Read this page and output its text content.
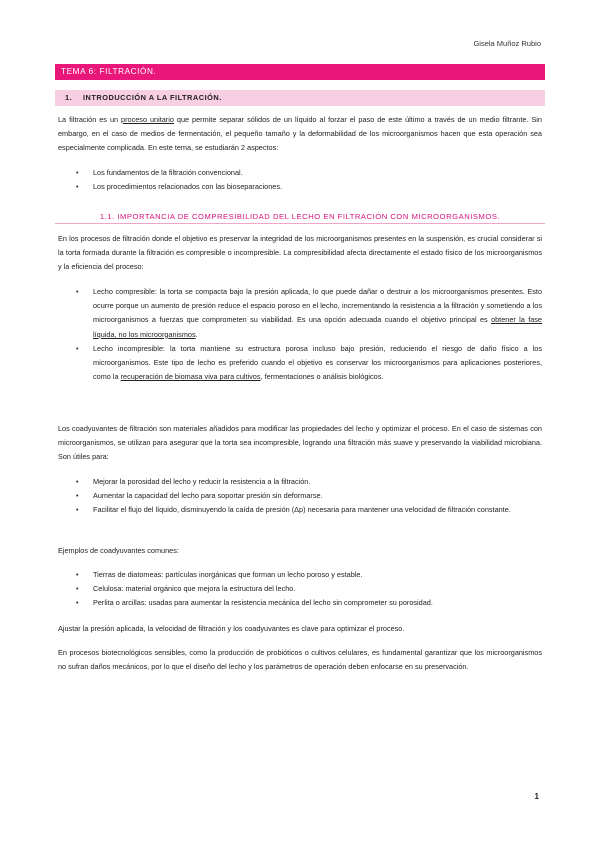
Gisela Muñoz Rubio
TEMA 6: FILTRACIÓN.
1. INTRODUCCIÓN A LA FILTRACIÓN.

La filtración es un proceso unitario que permite separar sólidos de un líquido al forzar el paso de este último a través de un medio filtrante. Sin embargo, en el caso de medios de fermentación, el pequeño tamaño y la deformabilidad de los microorganismos hacen que esta operación sea especialmente complicada. En este tema, se estudiarán 2 aspectos:

• Los fundamentos de la filtración convencional.
• Los procedimientos relacionados con las bioseparaciones.
1.1. IMPORTANCIA DE COMPRESIBILIDAD DEL LECHO EN FILTRACIÓN CON MICROORGANISMOS.

En los procesos de filtración donde el objetivo es preservar la integridad de los microorganismos presentes en la suspensión, es crucial considerar si la torta formada durante la filtración es compresible o incompresible. La compresibilidad afecta directamente el estado físico de los microorganismos y la eficiencia del proceso:

• Lecho compresible: la torta se compacta bajo la presión aplicada, lo que puede dañar o destruir a los microorganismos presentes. Esto ocurre porque un aumento de presión reduce el espacio poroso en el lecho, incrementando la resistencia a la filtración y sometiendo a los microorganismos a fuerzas que comprometen su viabilidad. Es una opción adecuada cuando el objetivo principal es obtener la fase líquida, no los microorganismos.
• Lecho incompresible: la torta mantiene su estructura porosa incluso bajo presión, reduciendo el riesgo de daño físico a los microorganismos. Este tipo de lecho es preferido cuando el objetivo es conservar los microorganismos para aplicaciones posteriores, como la recuperación de biomasa viva para cultivos, fermentaciones o análisis biológicos.

Los coadyuvantes de filtración son materiales añadidos para modificar las propiedades del lecho y optimizar el proceso. En el caso de sistemas con microorganismos, se utilizan para asegurar que la torta sea incompresible, logrando una filtración más suave y preservando la viabilidad microbiana. Son útiles para:

• Mejorar la porosidad del lecho y reducir la resistencia a la filtración.
• Aumentar la capacidad del lecho para soportar presión sin deformarse.
• Facilitar el flujo del líquido, disminuyendo la caída de presión (Δp) necesaria para mantener una velocidad de filtración constante.

Ejemplos de coadyuvantes comunes:

• Tierras de diatomeas: partículas inorgánicas que forman un lecho poroso y estable.
• Celulosa: material orgánico que mejora la estructura del lecho.
• Perlita o arcillas: usadas para aumentar la resistencia mecánica del lecho sin comprometer su porosidad.

Ajustar la presión aplicada, la velocidad de filtración y los coadyuvantes es clave para optimizar el proceso.

En procesos biotecnológicos sensibles, como la producción de probióticos o cultivos celulares, es fundamental garantizar que los microorganismos no sufran daños mecánicos, por lo que el diseño del lecho y los parámetros de operación deben enfocarse en su preservación.

1
